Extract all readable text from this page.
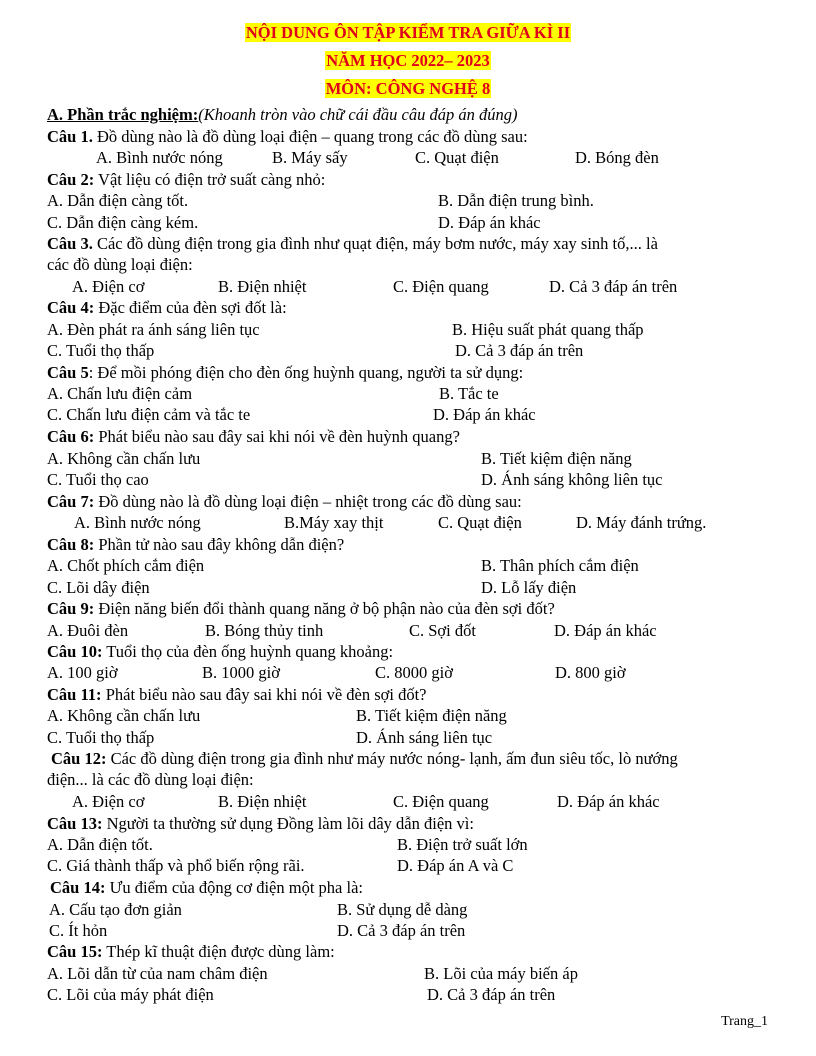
NỘI DUNG ÔN TẬP KIỂM TRA GIỮA KÌ II
NĂM HỌC 2022– 2023
MÔN: CÔNG NGHỆ 8
A. Phần trắc nghiệm:(Khoanh tròn vào chữ cái đầu câu đáp án đúng)
Câu 1. Đồ dùng nào là đồ dùng loại điện – quang trong các đồ dùng sau:
A. Bình nước nóng	B. Máy sấy	C. Quạt điện	D. Bóng đèn
Câu 2: Vật liệu có điện trở suất càng nhỏ:
A. Dẫn điện càng tốt.	B. Dẫn điện trung bình.
C. Dẫn điện càng kém.	D. Đáp án khác
Câu 3. Các đồ dùng điện trong gia đình như quạt điện, máy bơm nước, máy xay sinh tố,... là
các đồ dùng loại điện:
A. Điện cơ	B. Điện nhiệt	C. Điện quang	D. Cả 3 đáp án trên
Câu 4: Đặc điểm của đèn sợi đốt là:
A. Đèn phát ra ánh sáng liên tục	B. Hiệu suất phát quang thấp
C. Tuổi thọ thấp	D. Cả 3 đáp án trên
Câu 5: Để mồi phóng điện cho đèn ống huỳnh quang, người ta sử dụng:
A. Chấn lưu điện cảm	B. Tắc te
C. Chấn lưu điện cảm và tắc te	D. Đáp án khác
Câu 6: Phát biểu nào sau đây sai khi nói về đèn huỳnh quang?
A. Không cần chấn lưu	B. Tiết kiệm điện năng
C. Tuổi thọ cao	D. Ánh sáng không liên tục
Câu 7: Đồ dùng nào là đồ dùng loại điện – nhiệt trong các đồ dùng sau:
A. Bình nước nóng	B.Máy xay thịt	C. Quạt điện	D. Máy đánh trứng.
Câu 8: Phần tử nào sau đây không dẫn điện?
A. Chốt phích cắm điện	B. Thân phích cắm điện
C. Lõi dây điện	D. Lỗ lấy điện
Câu 9: Điện năng biến đổi thành quang năng ở bộ phận nào của đèn sợi đốt?
A. Đuôi đèn	B. Bóng thủy tinh	C. Sợi đốt	D. Đáp án khác
Câu 10: Tuổi thọ của đèn ống huỳnh quang khoảng:
A. 100 giờ	B. 1000 giờ	C. 8000 giờ	D. 800 giờ
Câu 11: Phát biểu nào sau đây sai khi nói về đèn sợi đốt?
A. Không cần chấn lưu	B. Tiết kiệm điện năng
C. Tuổi thọ thấp	D. Ánh sáng liên tục
Câu 12: Các đồ dùng điện trong gia đình như máy nước nóng- lạnh, ấm đun siêu tốc, lò nướng
điện... là các đồ dùng loại điện:
A. Điện cơ	B. Điện nhiệt	C. Điện quang	D. Đáp án khác
Câu 13: Người ta thường sử dụng Đồng làm lõi dây dẫn điện vì:
A. Dẫn điện tốt.	B. Điện trở suất lớn
C. Giá thành thấp và phổ biến rộng rãi.	D. Đáp án A và C
Câu 14: Ưu điểm của động cơ điện một pha là:
A. Cấu tạo đơn giản	B. Sử dụng dễ dàng
C. Ít hỏn	D. Cả 3 đáp án trên
Câu 15: Thép kĩ thuật điện được dùng làm:
A. Lõi dẫn từ của nam châm điện	B. Lõi của máy biến áp
C. Lõi của máy phát điện	D. Cả 3 đáp án trên
Trang_1
